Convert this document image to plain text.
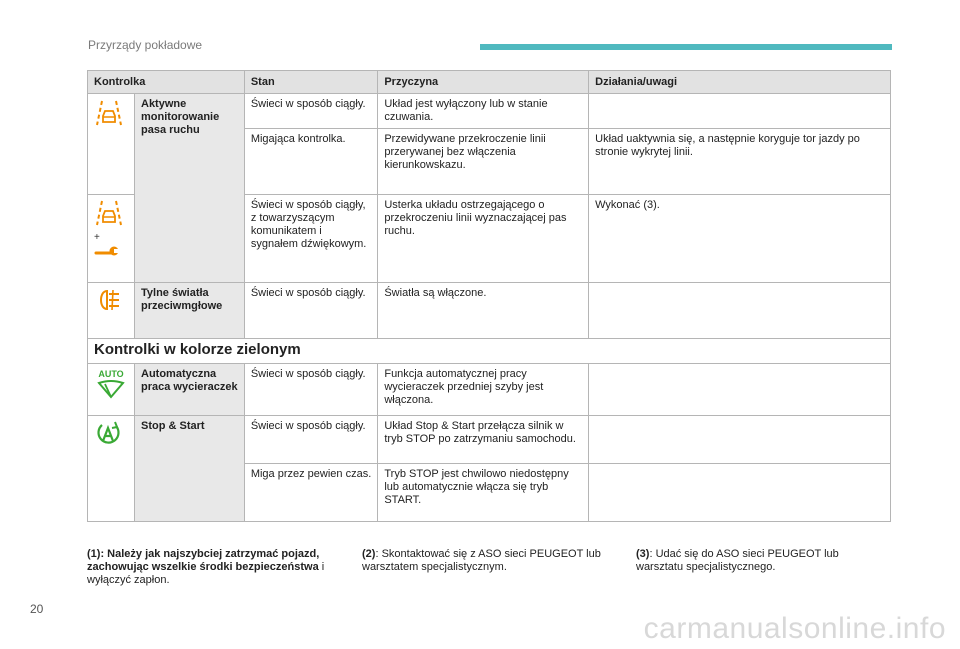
Przyrządy pokładowe
Kontrolka		Stan	Przyczyna	Działania/uwagi
	Aktywne monitorowanie pasa ruchu	Świeci w sposób ciągły.	Układ jest wyłączony lub w stanie czuwania.	
		Migająca kontrolka.	Przewidywane przekroczenie linii przerywanej bez włączenia kierunkowskazu.	Układ uaktywnia się, a następnie koryguje tor jazdy po stronie wykrytej linii.

+		Świeci w sposób ciągły, z towarzyszącym komunikatem i sygnałem dźwiękowym.	Usterka układu ostrzegającego o przekroczeniu linii wyznaczającej pas ruchu.	Wykonać (3).
	Tylne światła przeciwmgłowe	Świeci w sposób ciągły.	Światła są włączone.	
Kontrolki w kolorze zielonym				

AUTO	Automatyczna praca wycieraczek	Świeci w sposób ciągły.	Funkcja automatycznej pracy wycieraczek przedniej szyby jest włączona.	
	Stop & Start	Świeci w sposób ciągły.	Układ Stop & Start przełącza silnik w tryb STOP po zatrzymaniu samochodu.	
		Miga przez pewien czas.	Tryb STOP jest chwilowo niedostępny lub automatycznie włącza się tryb START.	
(1): Należy jak najszybciej zatrzymać pojazd, zachowując wszelkie środki bezpieczeństwa i wyłączyć zapłon.
(2): Skontaktować się z ASO sieci PEUGEOT lub warsztatem specjalistycznym.
(3): Udać się do ASO sieci PEUGEOT lub warsztatu specjalistycznego.
20
carmanualsonline.info
